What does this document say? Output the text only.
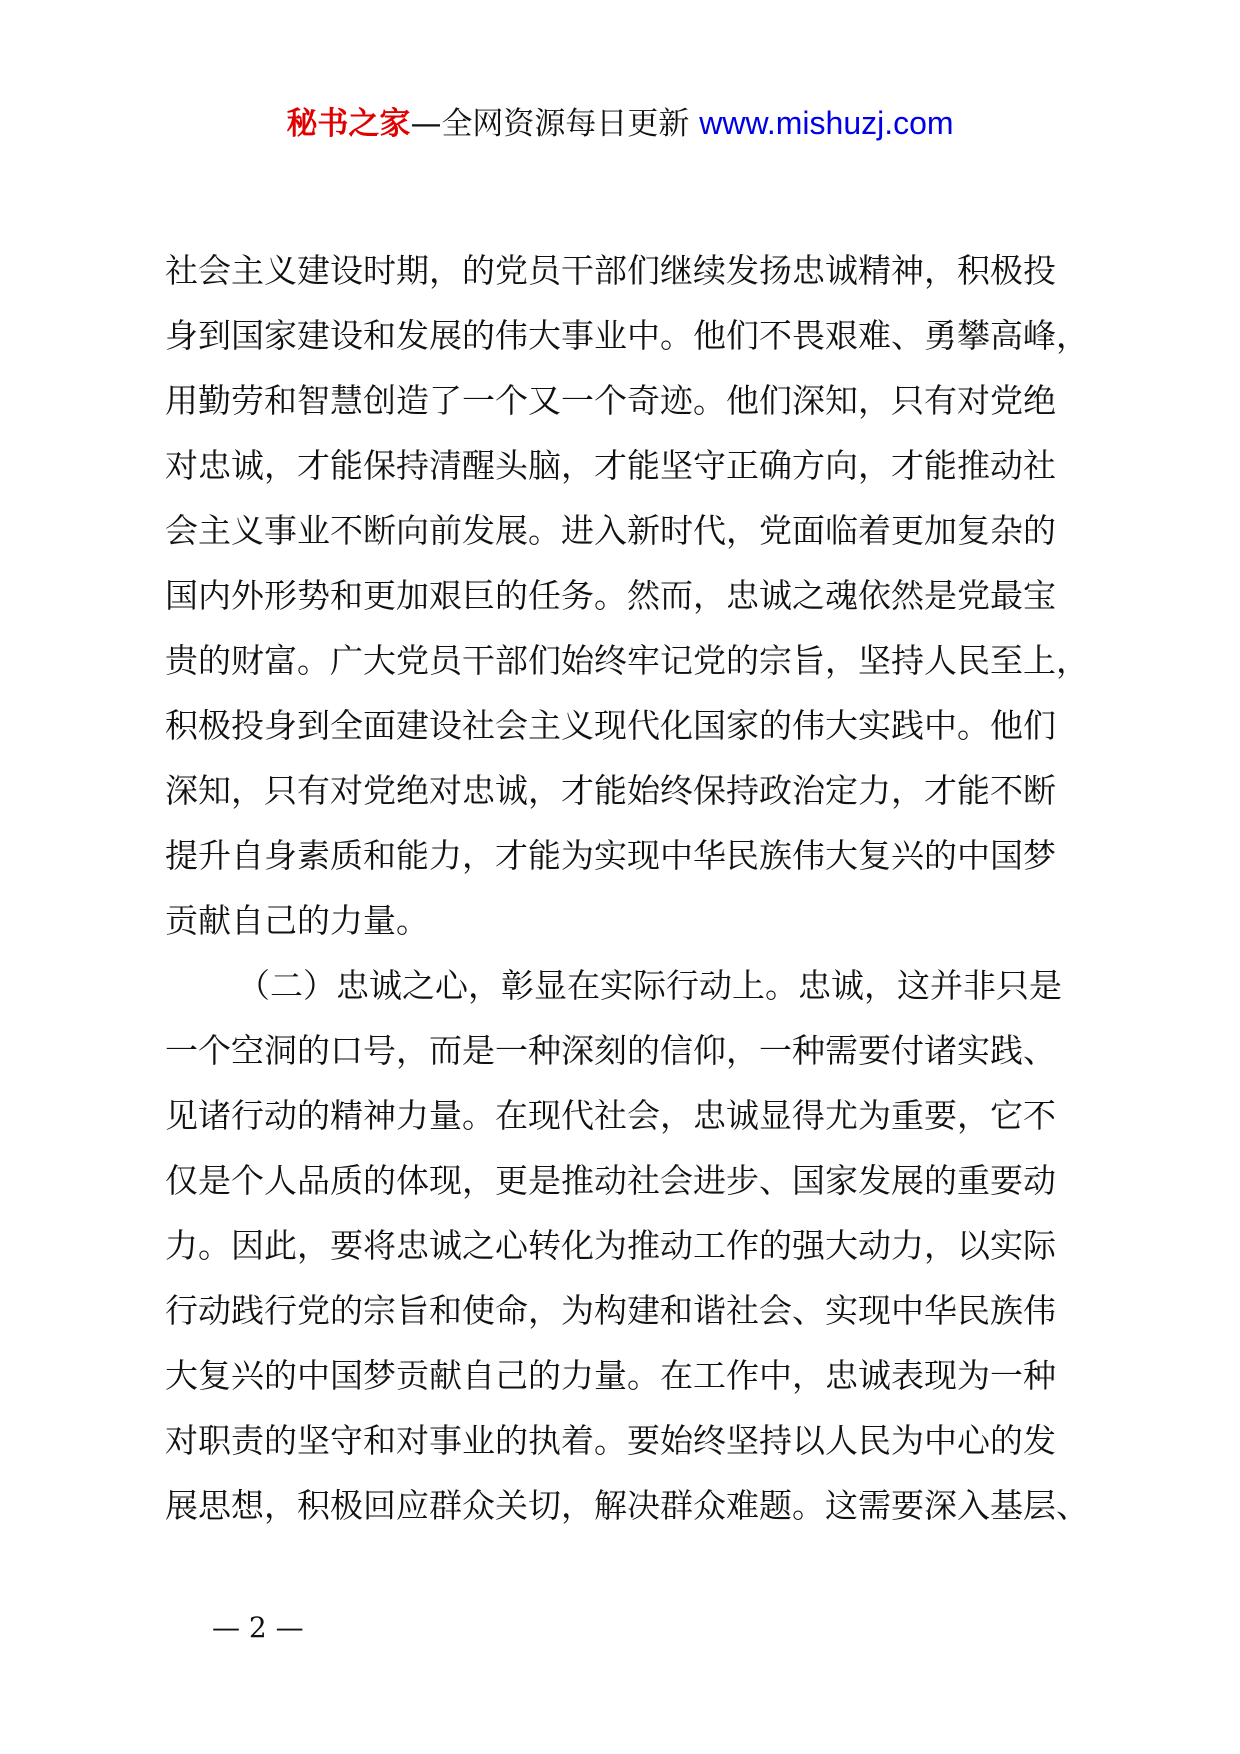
秘书之家—全网资源每日更新 www.mishuzj.com
社会主义建设时期，的党员干部们继续发扬忠诚精神，积极投
身到国家建设和发展的伟大事业中。他们不畏艰难、勇攀高峰，
用勤劳和智慧创造了一个又一个奇迹。他们深知，只有对党绝
对忠诚，才能保持清醒头脑，才能坚守正确方向，才能推动社
会主义事业不断向前发展。进入新时代，党面临着更加复杂的
国内外形势和更加艰巨的任务。然而，忠诚之魂依然是党最宝
贵的财富。广大党员干部们始终牢记党的宗旨，坚持人民至上，
积极投身到全面建设社会主义现代化国家的伟大实践中。他们
深知，只有对党绝对忠诚，才能始终保持政治定力，才能不断
提升自身素质和能力，才能为实现中华民族伟大复兴的中国梦
贡献自己的力量。
（二）忠诚之心，彰显在实际行动上。忠诚，这并非只是
一个空洞的口号，而是一种深刻的信仰，一种需要付诸实践、
见诸行动的精神力量。在现代社会，忠诚显得尤为重要，它不
仅是个人品质的体现，更是推动社会进步、国家发展的重要动
力。因此，要将忠诚之心转化为推动工作的强大动力，以实际
行动践行党的宗旨和使命，为构建和谐社会、实现中华民族伟
大复兴的中国梦贡献自己的力量。在工作中，忠诚表现为一种
对职责的坚守和对事业的执着。要始终坚持以人民为中心的发
展思想，积极回应群众关切，解决群众难题。这需要深入基层、
— 2 —
